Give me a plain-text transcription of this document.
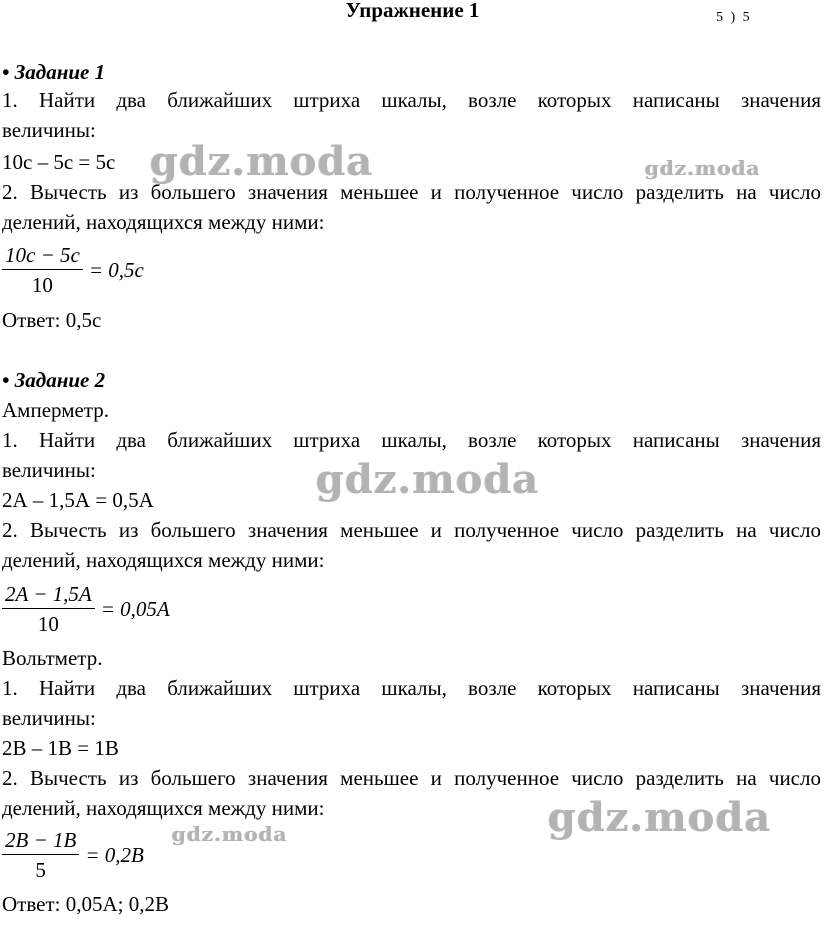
Упражнение 1	5 ) 5
• Задание 1
1. Найти два ближайших штриха шкалы, возле которых написаны значения
величины:
10с – 5с = 5с
2. Вычесть из большего значения меньшее и полученное число разделить на число
делений, находящихся между ними:
$\frac{10c - 5c}{10} = 0,5c$
Ответ: 0,5с
• Задание 2
Амперметр.
1. Найти два ближайших штриха шкалы, возле которых написаны значения
величины:
2А – 1,5А = 0,5А
2. Вычесть из большего значения меньшее и полученное число разделить на число
делений, находящихся между ними:
$\frac{2A - 1,5A}{10} = 0,05A$
Вольтметр.
1. Найти два ближайших штриха шкалы, возле которых написаны значения
величины:
2В – 1В = 1В
2. Вычесть из большего значения меньшее и полученное число разделить на число
делений, находящихся между ними:
$\frac{2B - 1B}{5} = 0,2B$
Ответ: 0,05А; 0,2В
gdz.moda	gdz.moda
gdz.moda
gdz.moda
gdz.moda
